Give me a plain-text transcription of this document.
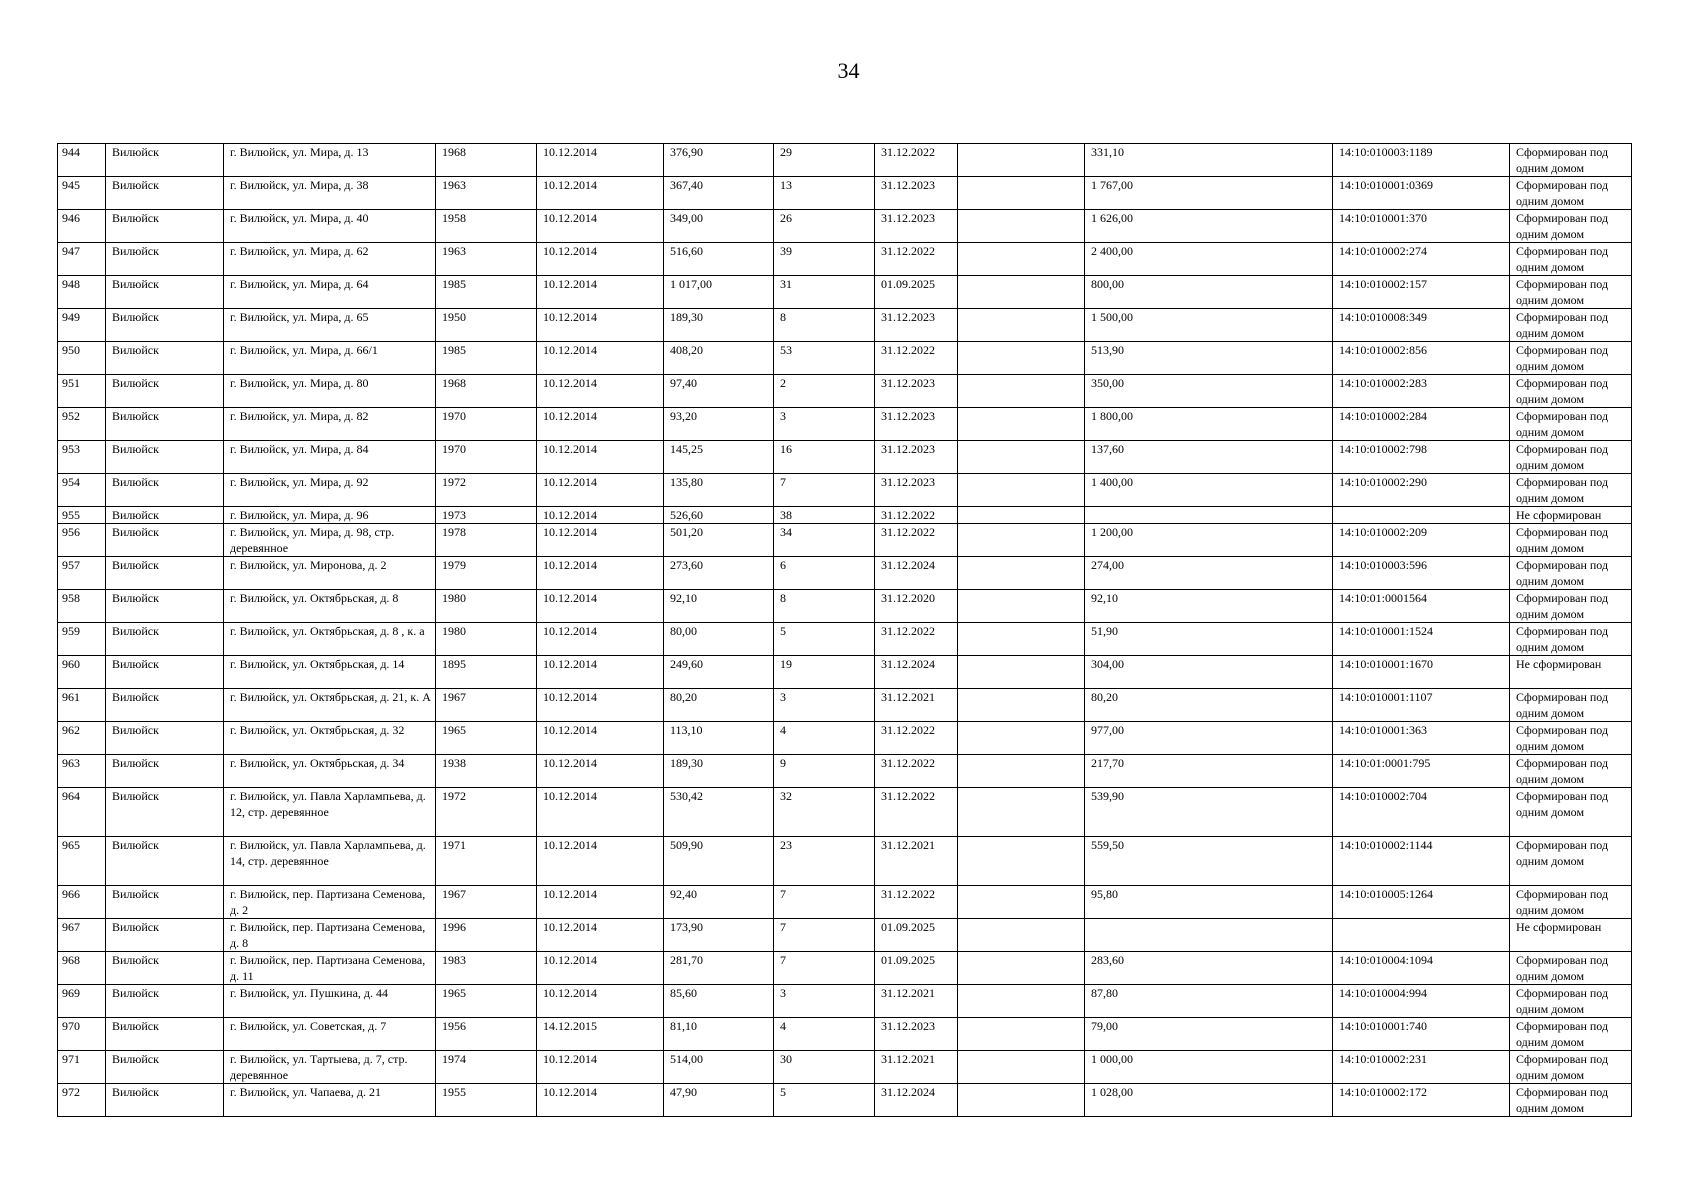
34
944	Вилюйск	г. Вилюйск, ул. Мира, д. 13	1968	10.12.2014	376,90	29	31.12.2022		331,10	14:10:010003:1189	Сформирован под одним домом
945	Вилюйск	г. Вилюйск, ул. Мира, д. 38	1963	10.12.2014	367,40	13	31.12.2023		1 767,00	14:10:010001:0369	Сформирован под одним домом
946	Вилюйск	г. Вилюйск, ул. Мира, д. 40	1958	10.12.2014	349,00	26	31.12.2023		1 626,00	14:10:010001:370	Сформирован под одним домом
947	Вилюйск	г. Вилюйск, ул. Мира, д. 62	1963	10.12.2014	516,60	39	31.12.2022		2 400,00	14:10:010002:274	Сформирован под одним домом
948	Вилюйск	г. Вилюйск, ул. Мира, д. 64	1985	10.12.2014	1 017,00	31	01.09.2025		800,00	14:10:010002:157	Сформирован под одним домом
949	Вилюйск	г. Вилюйск, ул. Мира, д. 65	1950	10.12.2014	189,30	8	31.12.2023		1 500,00	14:10:010008:349	Сформирован под одним домом
950	Вилюйск	г. Вилюйск, ул. Мира, д. 66/1	1985	10.12.2014	408,20	53	31.12.2022		513,90	14:10:010002:856	Сформирован под одним домом
951	Вилюйск	г. Вилюйск, ул. Мира, д. 80	1968	10.12.2014	97,40	2	31.12.2023		350,00	14:10:010002:283	Сформирован под одним домом
952	Вилюйск	г. Вилюйск, ул. Мира, д. 82	1970	10.12.2014	93,20	3	31.12.2023		1 800,00	14:10:010002:284	Сформирован под одним домом
953	Вилюйск	г. Вилюйск, ул. Мира, д. 84	1970	10.12.2014	145,25	16	31.12.2023		137,60	14:10:010002:798	Сформирован под одним домом
954	Вилюйск	г. Вилюйск, ул. Мира, д. 92	1972	10.12.2014	135,80	7	31.12.2023		1 400,00	14:10:010002:290	Сформирован под одним домом
955	Вилюйск	г. Вилюйск, ул. Мира, д. 96	1973	10.12.2014	526,60	38	31.12.2022				Не сформирован
956	Вилюйск	г. Вилюйск, ул. Мира, д. 98, стр. деревянное	1978	10.12.2014	501,20	34	31.12.2022		1 200,00	14:10:010002:209	Сформирован под одним домом
957	Вилюйск	г. Вилюйск, ул. Миронова, д. 2	1979	10.12.2014	273,60	6	31.12.2024		274,00	14:10:010003:596	Сформирован под одним домом
958	Вилюйск	г. Вилюйск, ул. Октябрьская, д. 8	1980	10.12.2014	92,10	8	31.12.2020		92,10	14:10:01:0001564	Сформирован под одним домом
959	Вилюйск	г. Вилюйск, ул. Октябрьская, д. 8 , к. а	1980	10.12.2014	80,00	5	31.12.2022		51,90	14:10:010001:1524	Сформирован под одним домом
960	Вилюйск	г. Вилюйск, ул. Октябрьская, д. 14	1895	10.12.2014	249,60	19	31.12.2024		304,00	14:10:010001:1670	Не сформирован
961	Вилюйск	г. Вилюйск, ул. Октябрьская, д. 21, к. А	1967	10.12.2014	80,20	3	31.12.2021		80,20	14:10:010001:1107	Сформирован под одним домом
962	Вилюйск	г. Вилюйск, ул. Октябрьская, д. 32	1965	10.12.2014	113,10	4	31.12.2022		977,00	14:10:010001:363	Сформирован под одним домом
963	Вилюйск	г. Вилюйск, ул. Октябрьская, д. 34	1938	10.12.2014	189,30	9	31.12.2022		217,70	14:10:01:0001:795	Сформирован под одним домом
964	Вилюйск	г. Вилюйск, ул. Павла Харлампьева, д. 12, стр. деревянное	1972	10.12.2014	530,42	32	31.12.2022		539,90	14:10:010002:704	Сформирован под одним домом
965	Вилюйск	г. Вилюйск, ул. Павла Харлампьева, д. 14, стр. деревянное	1971	10.12.2014	509,90	23	31.12.2021		559,50	14:10:010002:1144	Сформирован под одним домом
966	Вилюйск	г. Вилюйск, пер. Партизана Семенова, д. 2	1967	10.12.2014	92,40	7	31.12.2022		95,80	14:10:010005:1264	Сформирован под одним домом
967	Вилюйск	г. Вилюйск, пер. Партизана Семенова, д. 8	1996	10.12.2014	173,90	7	01.09.2025				Не сформирован
968	Вилюйск	г. Вилюйск, пер. Партизана Семенова, д. 11	1983	10.12.2014	281,70	7	01.09.2025		283,60	14:10:010004:1094	Сформирован под одним домом
969	Вилюйск	г. Вилюйск, ул. Пушкина, д. 44	1965	10.12.2014	85,60	3	31.12.2021		87,80	14:10:010004:994	Сформирован под одним домом
970	Вилюйск	г. Вилюйск, ул. Советская, д. 7	1956	14.12.2015	81,10	4	31.12.2023		79,00	14:10:010001:740	Сформирован под одним домом
971	Вилюйск	г. Вилюйск, ул. Тартыева, д. 7, стр. деревянное	1974	10.12.2014	514,00	30	31.12.2021		1 000,00	14:10:010002:231	Сформирован под одним домом
972	Вилюйск	г. Вилюйск, ул. Чапаева, д. 21	1955	10.12.2014	47,90	5	31.12.2024		1 028,00	14:10:010002:172	Сформирован под одним домом
